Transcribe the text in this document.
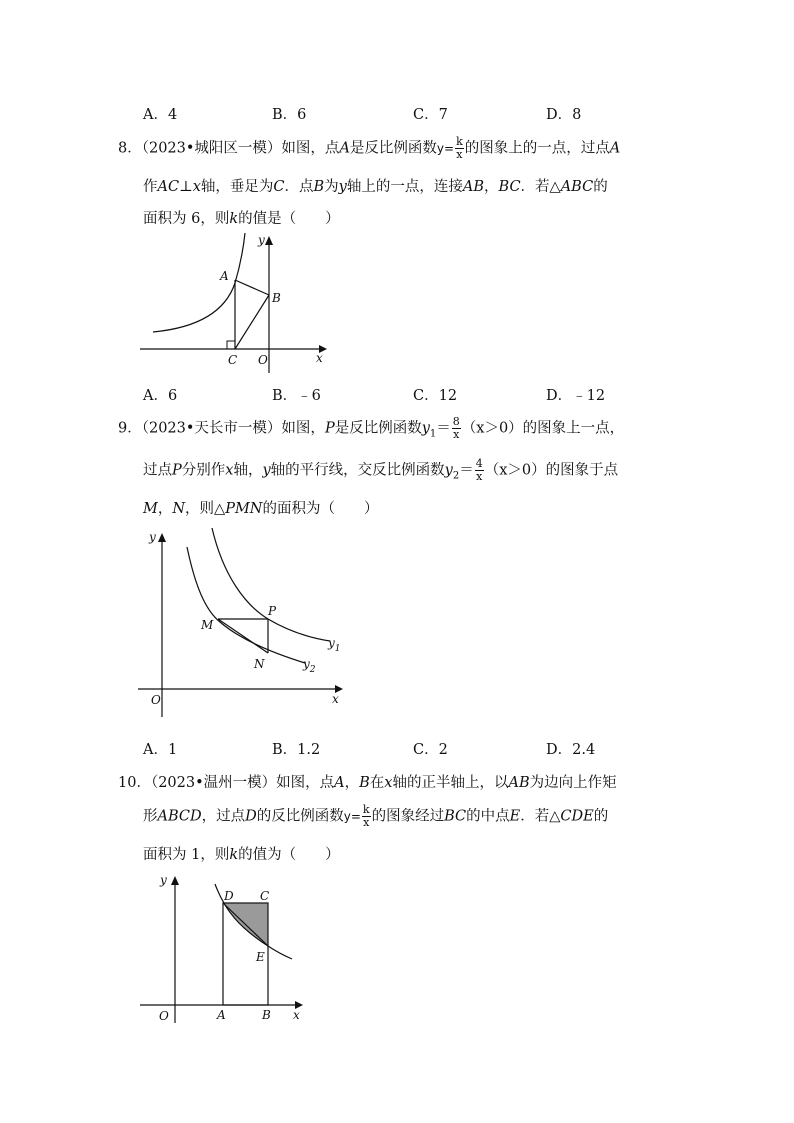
A．4	B．6	C．7	D．8
8．（2023•城阳区一模）如图，点A是反比例函数$y= \frac{k}{x}$ 的图象上的一点，过点A
作AC⊥x轴，垂足为C．点B为y轴上的一点，连接AB，BC．若△ABC的
面积为 6，则k的值是（　　）
A
B
C O	x
y
A．6	B．﹣6	C．12	D．﹣12
9．（2023•天长市一模）如图，P是反比例函数$y_1= \frac{8}{x} (x>0)$的图象上一点，
过点P分别作x轴，y轴的平行线，交反比例函数$y_2= \frac{4}{x} (x>0)$的图象于点
M，N，则△PMN的面积为（　　）
M
P
N
$y_1$
$y_2$
O	x
y
A．1	B．1.2	C．2	D．2.4
10．（2023•温州一模）如图，点A，B在x轴的正半轴上，以AB为边向上作矩
形ABCD，过点D的反比例函数$y= \frac{k}{x}$ 的图象经过BC的中点E．若△CDE的
面积为 1，则k的值为（　　）
D C
E
A	B
O	x
y
